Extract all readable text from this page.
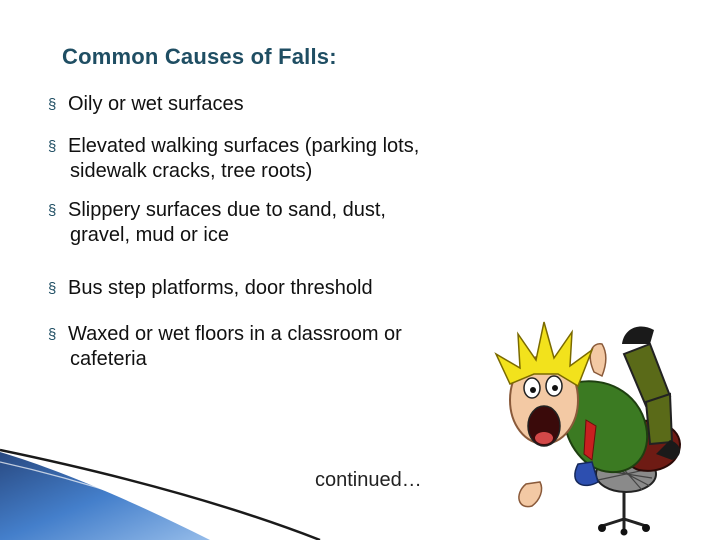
Common Causes of Falls:
§ Oily or wet surfaces
§ Elevated walking surfaces (parking lots,
sidewalk cracks, tree roots)
§ Slippery surfaces due to sand, dust,
gravel, mud or ice
§ Bus step platforms, door threshold
§ Waxed or wet floors in a classroom or
cafeteria
continued…
